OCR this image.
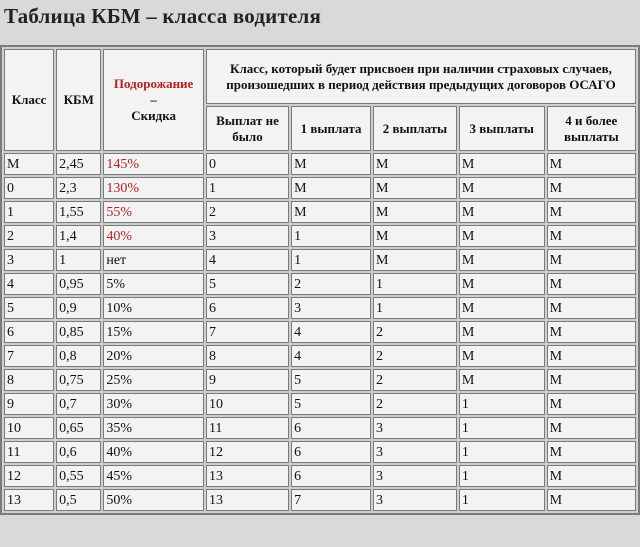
Таблица КБМ – класса водителя
Класс	КБМ	Подорожание
–
Скидка	Класс, который будет присвоен при наличии страховых случаев, произошедших в период действия предыдущих договоров ОСАГО				
			Выплат не было	1 выплата	2 выплаты	3 выплаты	4 и более выплаты
М	2,45	145%	0	М	М	М	М
0	2,3	130%	1	М	М	М	М
1	1,55	55%	2	М	М	М	М
2	1,4	40%	3	1	М	М	М
3	1	нет	4	1	М	М	М
4	0,95	5%	5	2	1	М	М
5	0,9	10%	6	3	1	М	М
6	0,85	15%	7	4	2	М	М
7	0,8	20%	8	4	2	М	М
8	0,75	25%	9	5	2	М	М
9	0,7	30%	10	5	2	1	М
10	0,65	35%	11	6	3	1	М
11	0,6	40%	12	6	3	1	М
12	0,55	45%	13	6	3	1	М
13	0,5	50%	13	7	3	1	М
